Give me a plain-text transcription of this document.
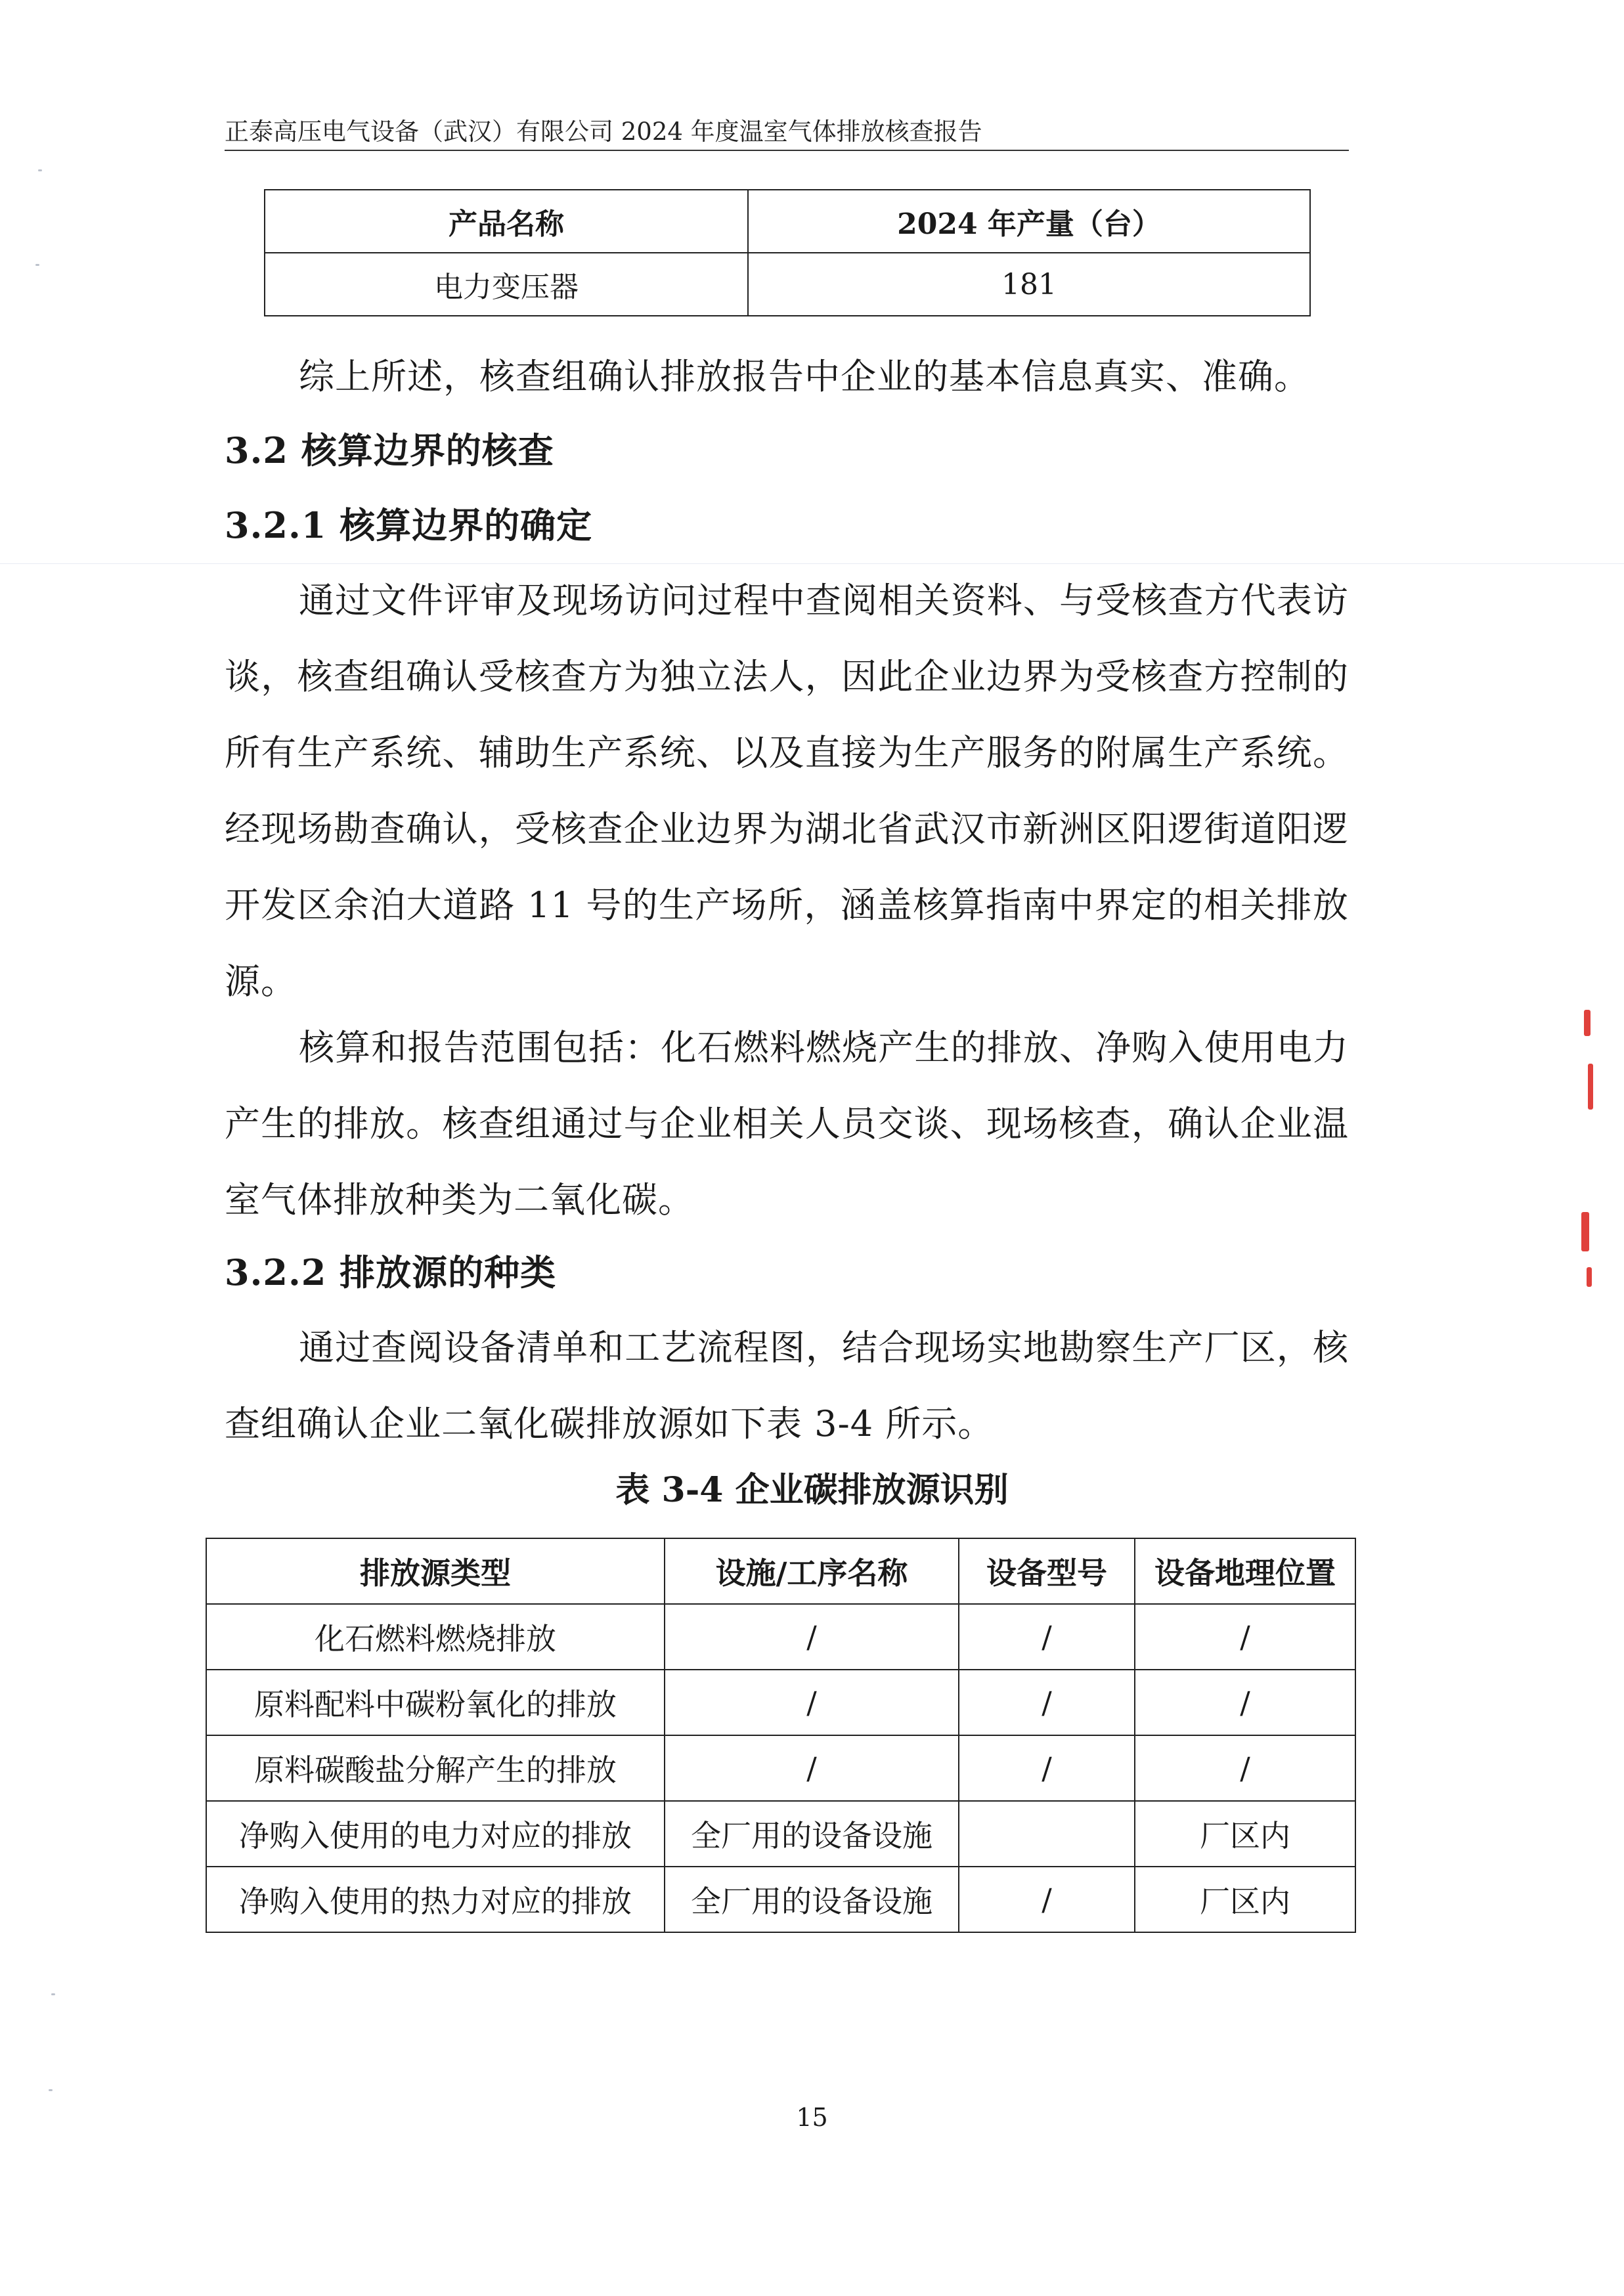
正泰高压电气设备（武汉）有限公司 2024 年度温室气体排放核查报告
产品名称	2024 年产量（台）
电力变压器	181
综上所述，核查组确认排放报告中企业的基本信息真实、准确。
3.2 核算边界的核查
3.2.1 核算边界的确定
通过文件评审及现场访问过程中查阅相关资料、与受核查方代表访谈，核查组确认受核查方为独立法人，因此企业边界为受核查方控制的所有生产系统、辅助生产系统、以及直接为生产服务的附属生产系统。经现场勘查确认，受核查企业边界为湖北省武汉市新洲区阳逻街道阳逻开发区余泊大道路 11 号的生产场所，涵盖核算指南中界定的相关排放源。
核算和报告范围包括：化石燃料燃烧产生的排放、净购入使用电力产生的排放。核查组通过与企业相关人员交谈、现场核查，确认企业温室气体排放种类为二氧化碳。
3.2.2 排放源的种类
通过查阅设备清单和工艺流程图，结合现场实地勘察生产厂区，核查组确认企业二氧化碳排放源如下表 3-4 所示。
表 3-4 企业碳排放源识别
排放源类型	设施/工序名称	设备型号	设备地理位置
化石燃料燃烧排放	/	/	/
原料配料中碳粉氧化的排放	/	/	/
原料碳酸盐分解产生的排放	/	/	/
净购入使用的电力对应的排放	全厂用的设备设施		厂区内
净购入使用的热力对应的排放	全厂用的设备设施	/	厂区内
15
